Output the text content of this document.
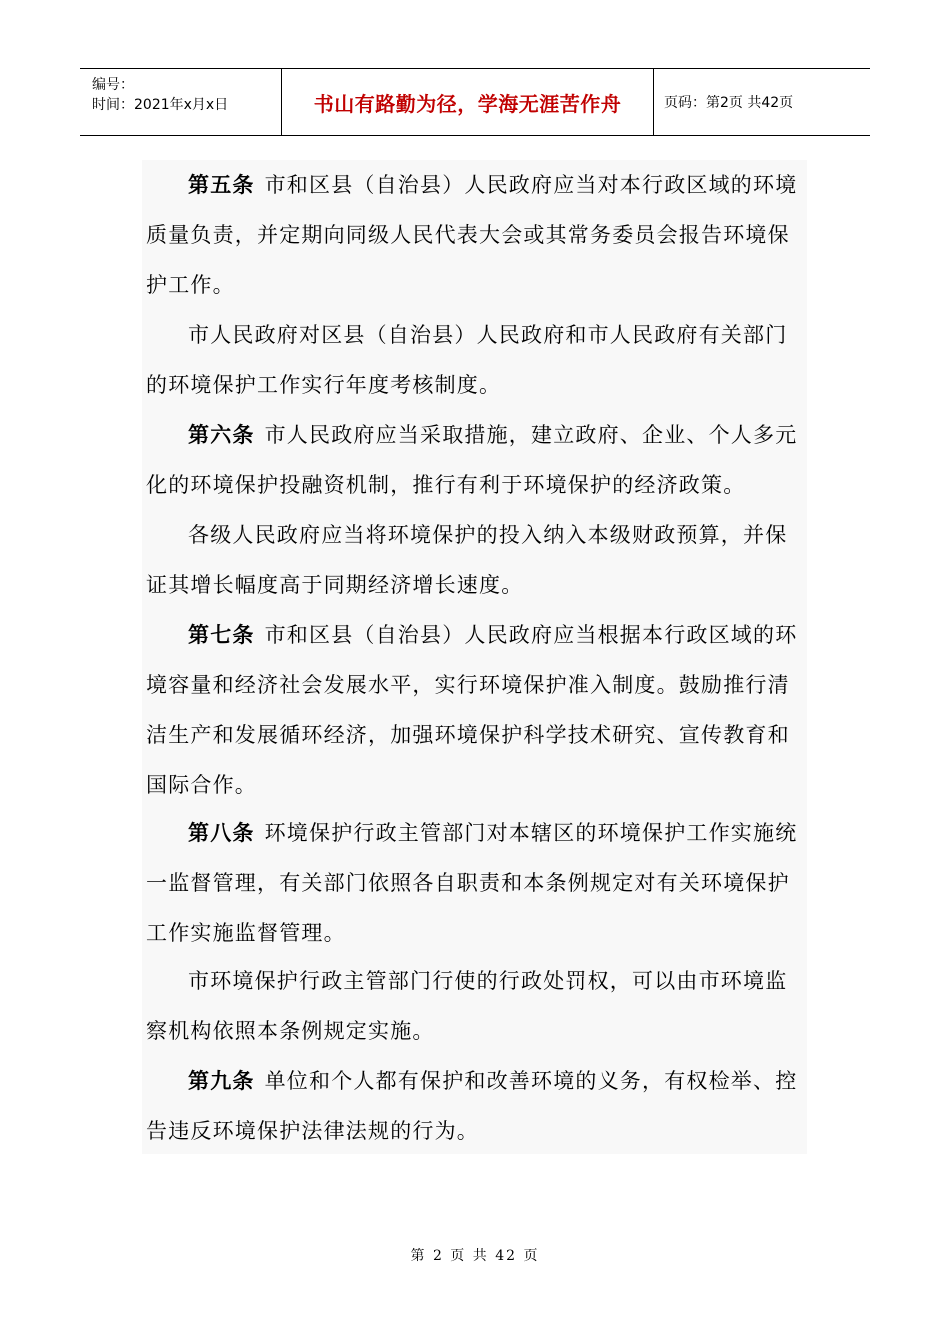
编号：
时间：2021年x月x日	书山有路勤为径，学海无涯苦作舟	页码：第2页 共42页

第五条 市和区县（自治县）人民政府应当对本行政区域的环境质量负责，并定期向同级人民代表大会或其常务委员会报告环境保护工作。

市人民政府对区县（自治县）人民政府和市人民政府有关部门的环境保护工作实行年度考核制度。

第六条 市人民政府应当采取措施，建立政府、企业、个人多元化的环境保护投融资机制，推行有利于环境保护的经济政策。

各级人民政府应当将环境保护的投入纳入本级财政预算，并保证其增长幅度高于同期经济增长速度。

第七条 市和区县（自治县）人民政府应当根据本行政区域的环境容量和经济社会发展水平，实行环境保护准入制度。鼓励推行清洁生产和发展循环经济，加强环境保护科学技术研究、宣传教育和国际合作。

第八条 环境保护行政主管部门对本辖区的环境保护工作实施统一监督管理，有关部门依照各自职责和本条例规定对有关环境保护工作实施监督管理。

市环境保护行政主管部门行使的行政处罚权，可以由市环境监察机构依照本条例规定实施。

第九条 单位和个人都有保护和改善环境的义务，有权检举、控告违反环境保护法律法规的行为。

第 2 页 共 42 页
